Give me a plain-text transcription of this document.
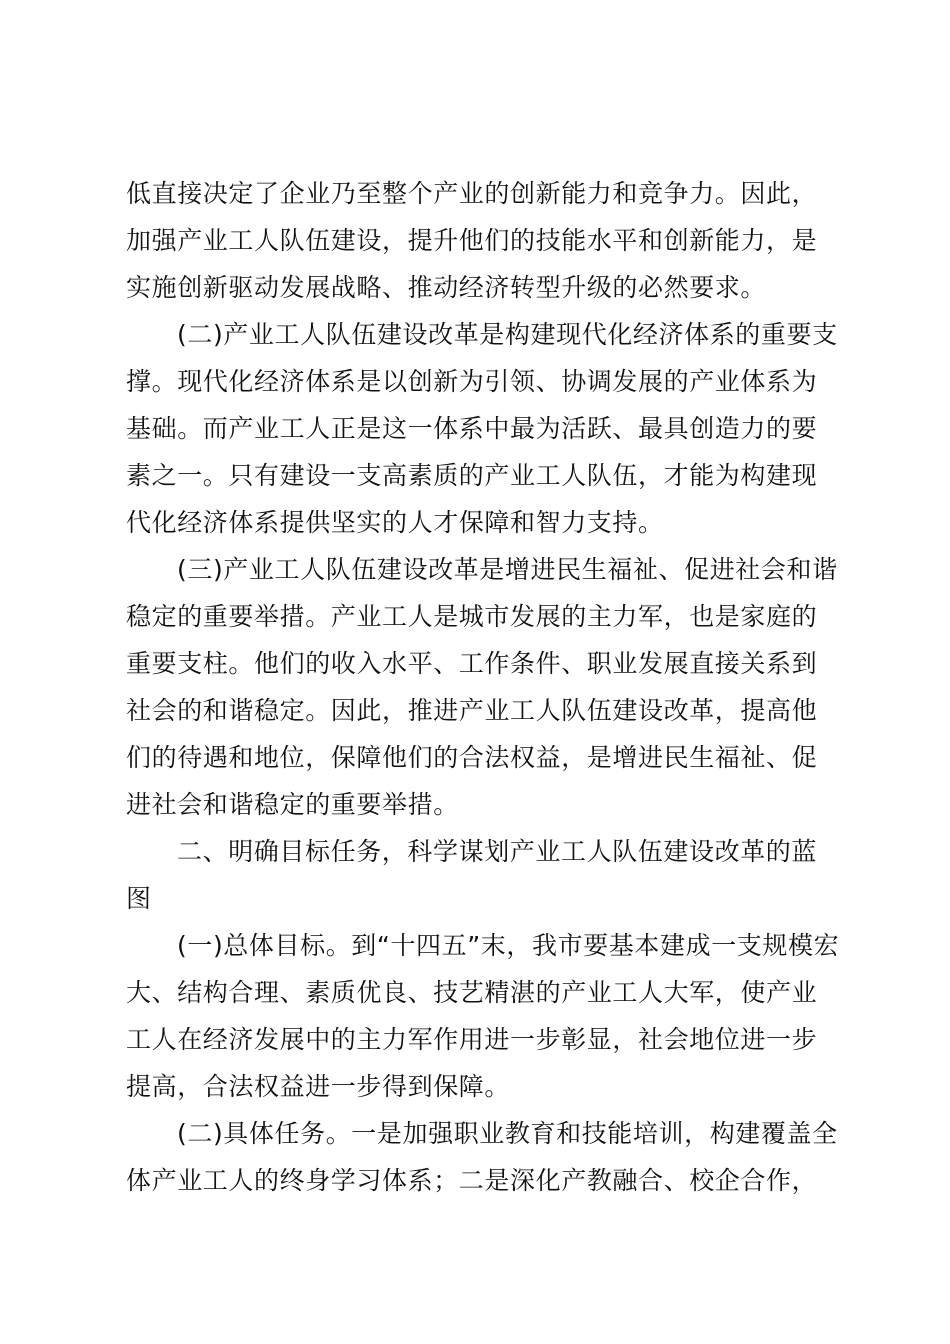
低直接决定了企业乃至整个产业的创新能力和竞争力。因此，
加强产业工人队伍建设，提升他们的技能水平和创新能力，是
实施创新驱动发展战略、推动经济转型升级的必然要求。
(二)产业工人队伍建设改革是构建现代化经济体系的重要支
撑。现代化经济体系是以创新为引领、协调发展的产业体系为
基础。而产业工人正是这一体系中最为活跃、最具创造力的要
素之一。只有建设一支高素质的产业工人队伍，才能为构建现
代化经济体系提供坚实的人才保障和智力支持。
(三)产业工人队伍建设改革是增进民生福祉、促进社会和谐
稳定的重要举措。产业工人是城市发展的主力军，也是家庭的
重要支柱。他们的收入水平、工作条件、职业发展直接关系到
社会的和谐稳定。因此，推进产业工人队伍建设改革，提高他
们的待遇和地位，保障他们的合法权益，是增进民生福祉、促
进社会和谐稳定的重要举措。
二、明确目标任务，科学谋划产业工人队伍建设改革的蓝
图
(一)总体目标。到“十四五”末，我市要基本建成一支规模宏
大、结构合理、素质优良、技艺精湛的产业工人大军，使产业
工人在经济发展中的主力军作用进一步彰显，社会地位进一步
提高，合法权益进一步得到保障。
(二)具体任务。一是加强职业教育和技能培训，构建覆盖全
体产业工人的终身学习体系；二是深化产教融合、校企合作，
